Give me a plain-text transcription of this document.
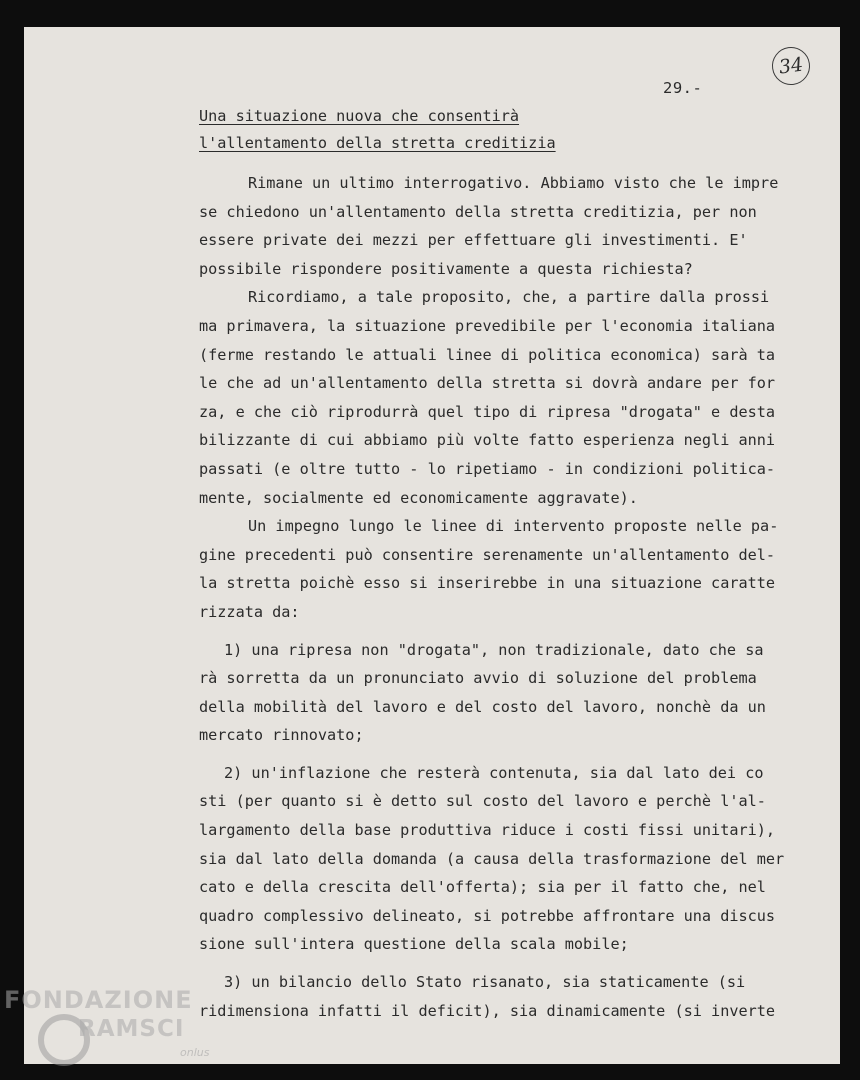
34
29.-
Una situazione nuova che consentirà
l'allentamento della stretta creditizia
Rimane un ultimo interrogativo. Abbiamo visto che le impre
se chiedono un'allentamento della stretta creditizia, per non
essere private dei mezzi per effettuare gli investimenti. E'
possibile rispondere positivamente a questa richiesta?
Ricordiamo, a tale proposito, che, a partire dalla prossi
ma primavera, la situazione prevedibile per l'economia italiana
(ferme restando le attuali linee di politica economica) sarà ta
le che ad un'allentamento della stretta si dovrà andare per for
za, e che ciò riprodurrà quel tipo di ripresa "drogata" e desta
bilizzante di cui abbiamo più volte fatto esperienza negli anni
passati (e oltre tutto - lo ripetiamo - in condizioni politica-
mente, socialmente ed economicamente aggravate).
Un impegno lungo le linee di intervento proposte nelle pa-
gine precedenti può consentire serenamente un'allentamento del-
la stretta poichè esso si inserirebbe in una situazione caratte
rizzata da:
1) una ripresa non "drogata", non tradizionale, dato che sa
rà sorretta da un pronunciato avvio di soluzione del problema
della mobilità del lavoro e del costo del lavoro, nonchè da un
mercato rinnovato;
2) un'inflazione che resterà contenuta, sia dal lato dei co
sti (per quanto si è detto sul costo del lavoro e perchè l'al-
largamento della base produttiva riduce i costi fissi unitari),
sia dal lato della domanda (a causa della trasformazione del mer
cato e della crescita dell'offerta); sia per il fatto che, nel
quadro complessivo delineato, si potrebbe affrontare una discus
sione sull'intera questione della scala mobile;
3) un bilancio dello Stato risanato, sia staticamente (si
ridimensiona infatti il deficit), sia dinamicamente (si inverte
FONDAZIONE
RAMSCI
onlus
